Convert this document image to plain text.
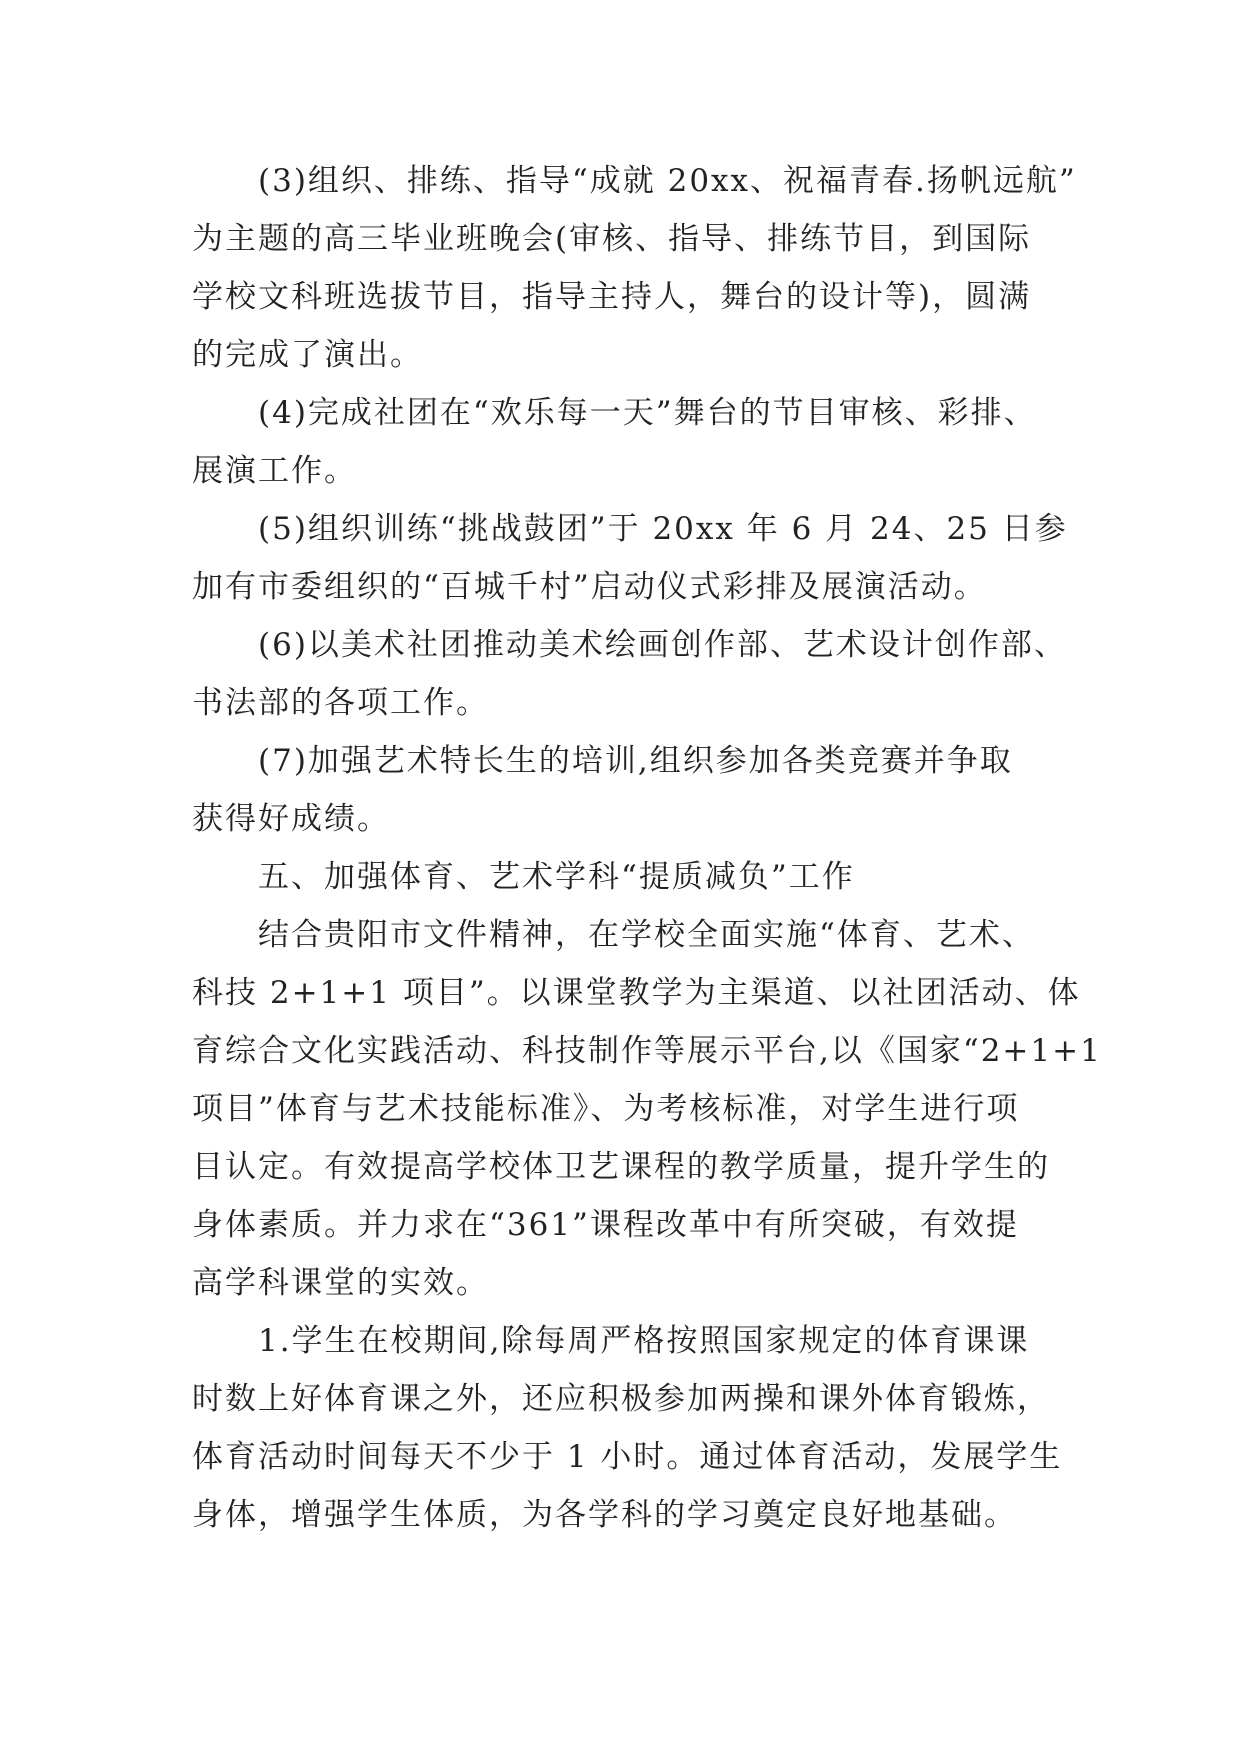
(3)组织、排练、指导“成就 20xx、祝福青春.扬帆远航”
为主题的高三毕业班晚会(审核、指导、排练节目，到国际
学校文科班选拔节目，指导主持人，舞台的设计等)，圆满
的完成了演出。
(4)完成社团在“欢乐每一天”舞台的节目审核、彩排、
展演工作。
(5)组织训练“挑战鼓团”于 20xx 年 6 月 24、25 日参
加有市委组织的“百城千村”启动仪式彩排及展演活动。
(6)以美术社团推动美术绘画创作部、艺术设计创作部、
书法部的各项工作。
(7)加强艺术特长生的培训,组织参加各类竞赛并争取
获得好成绩。
五、加强体育、艺术学科“提质减负”工作
结合贵阳市文件精神，在学校全面实施“体育、艺术、
科技 2+1+1 项目”。以课堂教学为主渠道、以社团活动、体
育综合文化实践活动、科技制作等展示平台,以《国家“2+1+1
项目”体育与艺术技能标准》、为考核标准，对学生进行项
目认定。有效提高学校体卫艺课程的教学质量，提升学生的
身体素质。并力求在“361”课程改革中有所突破，有效提
高学科课堂的实效。
1.学生在校期间,除每周严格按照国家规定的体育课课
时数上好体育课之外，还应积极参加两操和课外体育锻炼，
体育活动时间每天不少于 1 小时。通过体育活动，发展学生
身体，增强学生体质，为各学科的学习奠定良好地基础。
